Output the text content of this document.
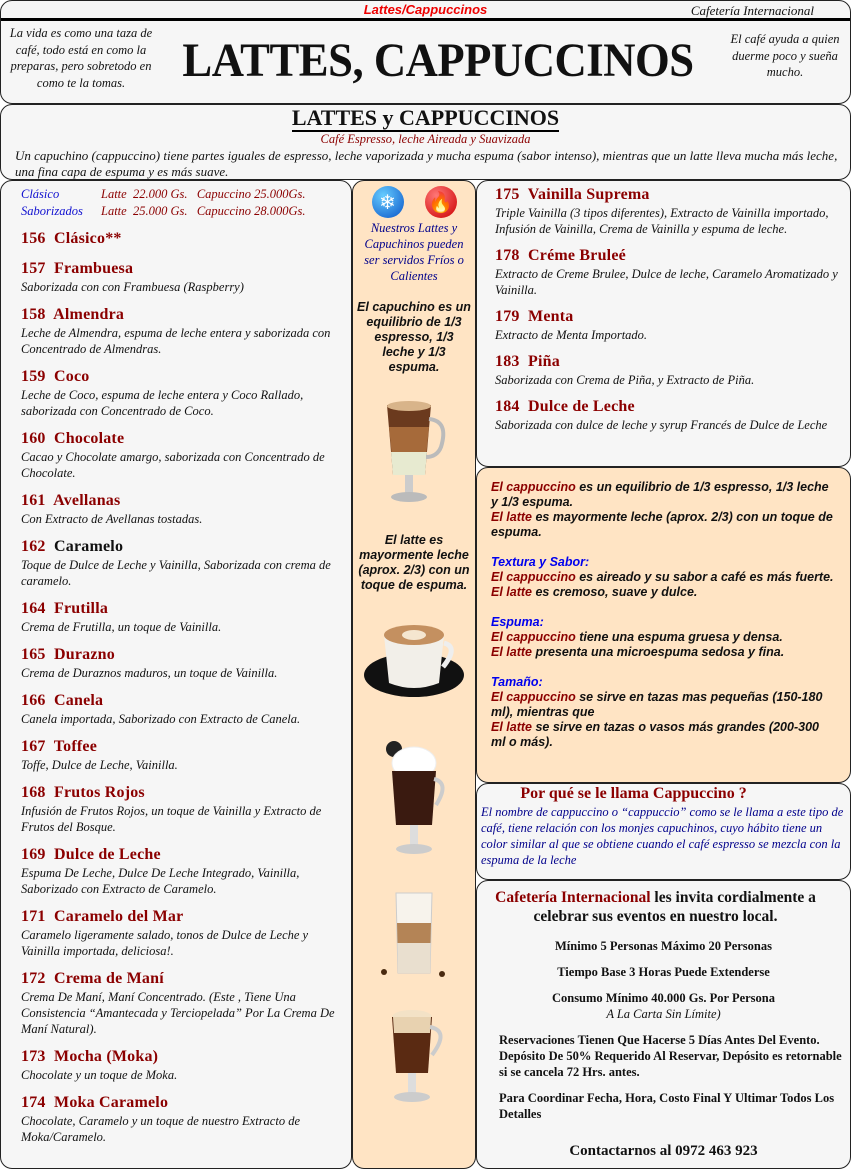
Lattes/Cappuccinos	Cafetería Internacional
La vida es como una taza de café, todo está en como la preparas, pero sobretodo en como te la tomas.	LATTES, CAPPUCCINOS	El café ayuda a quien duerme poco y sueña mucho.
LATTES y CAPPUCCINOS
Café Espresso, leche Aireada y Suavizada
Un capuchino (cappuccino) tiene partes iguales de espresso, leche vaporizada y mucha espuma (sabor intenso), mientras que un latte lleva mucha más leche, una fina capa de espuma y es más suave.
Clásico	Latte  22.000 Gs. Capuccino 25.000Gs.
Saborizados Latte  25.000 Gs. Capuccino 28.000Gs.
156 Clásico**
157 Frambuesa
Saborizada con con Frambuesa (Raspberry)
158 Almendra
Leche de Almendra, espuma de leche entera y saborizada con Concentrado de Almendras.
159 Coco
Leche de Coco, espuma de leche entera y Coco Rallado, saborizada con Concentrado de Coco.
160 Chocolate
Cacao y Chocolate amargo, saborizada con Concentrado de Chocolate.
161 Avellanas
Con Extracto de Avellanas tostadas.
162 Caramelo
Toque de Dulce de Leche y Vainilla, Saborizada con crema de caramelo.
164 Frutilla
Crema de Frutilla, un toque de Vainilla.
165 Durazno
Crema de Duraznos maduros, un toque de Vainilla.
166 Canela
Canela importada, Saborizado con Extracto de Canela.
167 Toffee
Toffe, Dulce de Leche, Vainilla.
168 Frutos Rojos
Infusión de Frutos Rojos, un toque de Vainilla y Extracto de Frutos del Bosque.
169 Dulce de Leche
Espuma De Leche, Dulce De Leche Integrado, Vainilla, Saborizado con Extracto de Caramelo.
171 Caramelo del Mar
Caramelo ligeramente salado, tonos de Dulce de Leche y Vainilla importada, deliciosa!.
172 Crema de Maní
Crema De Maní, Maní Concentrado. (Este , Tiene Una Consistencia “Amantecada y Terciopelada” Por La Crema De Maní Natural).
173  Mocha (Moka)
Chocolate y un toque de Moka.
174 Moka Caramelo
Chocolate, Caramelo y un toque de nuestro Extracto de Moka/Caramelo.
❄	🔥
Nuestros Lattes y Capuchinos pueden ser servidos Fríos o Calientes
El capuchino es un equilibrio de 1/3 espresso, 1/3 leche y 1/3 espuma.
El latte es mayormente leche (aprox. 2/3) con un toque de espuma.
175 Vainilla Suprema
Triple Vainilla (3 tipos diferentes), Extracto de Vainilla importado, Infusión de Vainilla, Crema de Vainilla y espuma de leche.
178 Créme Bruleé
Extracto de Creme Brulee, Dulce de leche, Caramelo Aromatizado y Vainilla.
179 Menta
Extracto de Menta Importado.
183 Piña
Saborizada con Crema de Piña, y Extracto de Piña.
184 Dulce de Leche
Saborizada con dulce de leche y syrup Francés de Dulce de Leche

El cappuccino es un equilibrio de 1/3 espresso, 1/3 leche y 1/3 espuma.

El latte es mayormente leche (aprox. 2/3) con un toque de espuma.

Textura y Sabor:

El cappuccino es aireado y su sabor a café es más fuerte.

El latte es cremoso, suave y dulce.

Espuma:

El cappuccino tiene una espuma gruesa y densa.

El latte presenta una microespuma sedosa y fina.

Tamaño:

El cappuccino se sirve en tazas mas pequeñas (150-180 ml), mientras que

El latte se sirve en tazas o vasos más grandes (200-300 ml o más).

Por qué se le llama Cappuccino ?
El nombre de cappuccino o “cappuccio” como se le llama a este tipo de café, tiene relación con los monjes capuchinos, cuyo hábito tiene un color similar al que se obtiene cuando el café espresso se mezcla con la espuma de la leche
Cafetería Internacional les invita cordialmente a celebrar sus eventos en nuestro local.
Mínimo 5 Personas Máximo 20 Personas
Tiempo Base 3 Horas Puede Extenderse
Consumo Mínimo 40.000 Gs. Por Persona
A La Carta Sin Límite)
Reservaciones Tienen Que Hacerse 5 Días Antes Del Evento. Depósito De 50% Requerido Al Reservar, Depósito es retornable si se cancela 72 Hrs. antes.
Para Coordinar Fecha, Hora, Costo Final Y Ultimar Todos Los Detalles
Contactarnos al 0972 463 923
